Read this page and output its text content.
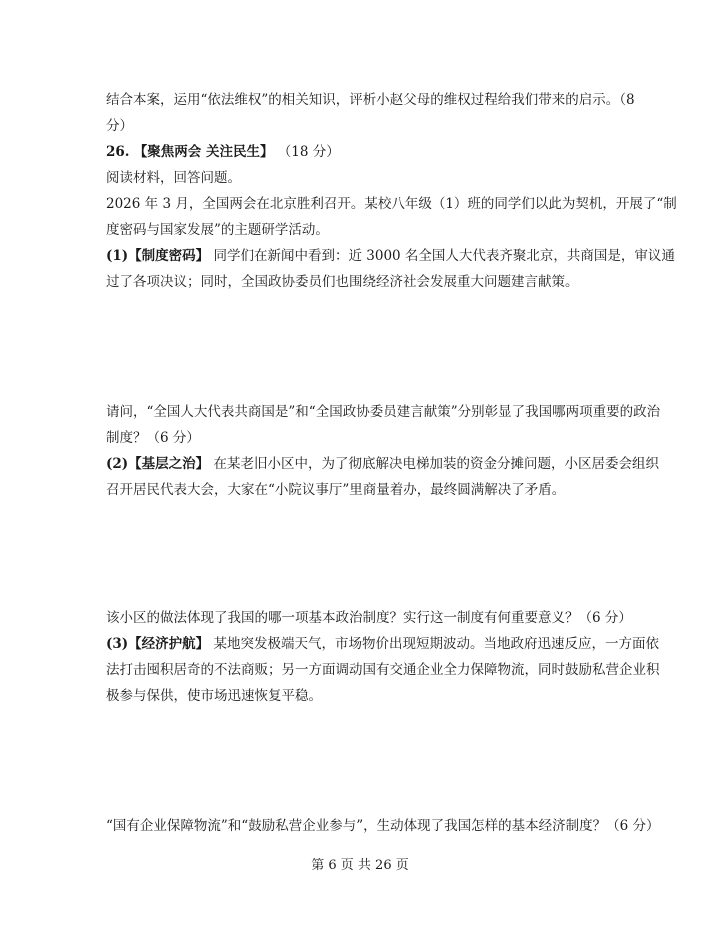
结合本案，运用“依法维权”的相关知识，评析小赵父母的维权过程给我们带来的启示。（8
分）
26. 【聚焦两会 关注民生】 （18 分）
阅读材料，回答问题。
2026 年 3 月，全国两会在北京胜利召开。某校八年级（1）班的同学们以此为契机，开展了“制
度密码与国家发展”的主题研学活动。
(1)【制度密码】 同学们在新闻中看到：近 3000 名全国人大代表齐聚北京，共商国是，审议通
过了各项决议；同时，全国政协委员们也围绕经济社会发展重大问题建言献策。
请问，“全国人大代表共商国是”和“全国政协委员建言献策”分别彰显了我国哪两项重要的政治
制度？（6 分）
(2)【基层之治】 在某老旧小区中，为了彻底解决电梯加装的资金分摊问题，小区居委会组织
召开居民代表大会，大家在“小院议事厅”里商量着办，最终圆满解决了矛盾。
该小区的做法体现了我国的哪一项基本政治制度？实行这一制度有何重要意义？（6 分）
(3)【经济护航】 某地突发极端天气，市场物价出现短期波动。当地政府迅速反应，一方面依
法打击囤积居奇的不法商贩；另一方面调动国有交通企业全力保障物流，同时鼓励私营企业积
极参与保供，使市场迅速恢复平稳。
“国有企业保障物流”和“鼓励私营企业参与”，生动体现了我国怎样的基本经济制度？（6 分）
第 6 页 共 26 页
